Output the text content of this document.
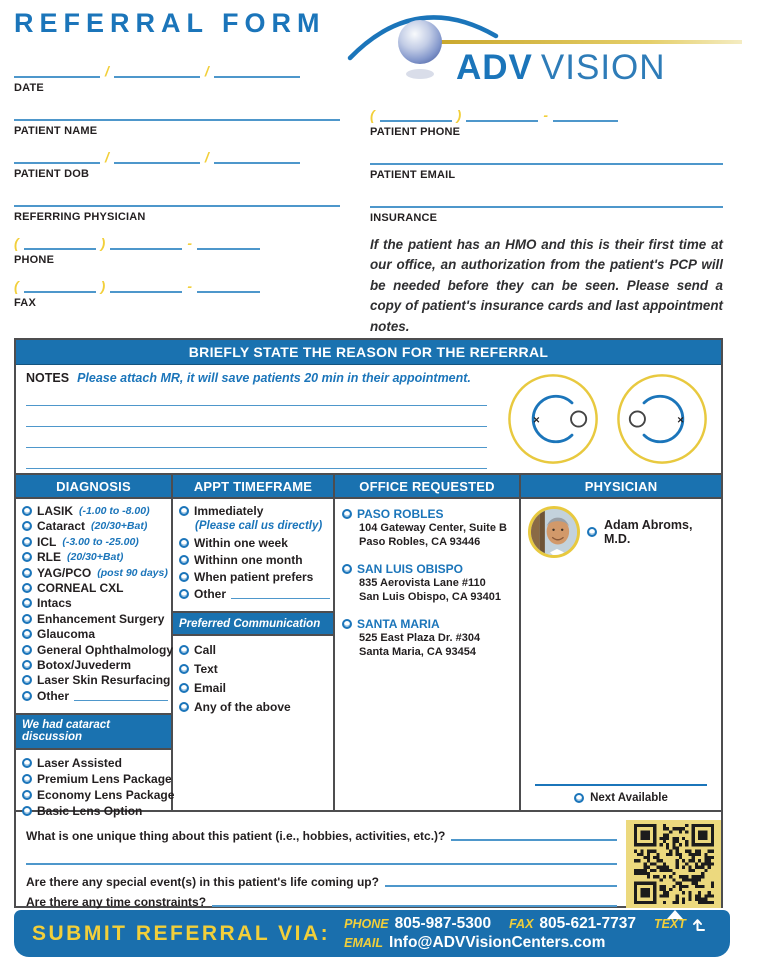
REFERRAL FORM
ADV VISION
/	/
DATE
PATIENT NAME
/	/
PATIENT DOB
REFERRING PHYSICIAN
(	)	-
PHONE
(	)	-
FAX
(	)	-
PATIENT PHONE
PATIENT EMAIL
INSURANCE
If the patient has an HMO and this is their first time at our office, an authorization from the patient's PCP will be needed before they can be seen. Please send a copy of patient's insurance cards and last appointment notes.
BRIEFLY STATE THE REASON FOR THE REFERRAL
NOTES Please attach MR, it will save patients 20 min in their appointment.
×	×
DIAGNOSIS
LASIK (-1.00 to -8.00)
Cataract (20/30+Bat)
ICL (-3.00 to -25.00)
RLE (20/30+Bat)
YAG/PCO (post 90 days)
CORNEAL CXL
Intacs
Enhancement Surgery
Glaucoma
General Ophthalmology
Botox/Juvederm
Laser Skin Resurfacing
Other
We had cataract discussion
Laser Assisted
Premium Lens Package
Economy Lens Package
Basic Lens Option
APPT TIMEFRAME
Immediately
(Please call us directly)
Within one week
Withinn one month
When patient prefers
Other
Preferred Communication
Call
Text
Email
Any of the above
OFFICE REQUESTED
PASO ROBLES
104 Gateway Center, Suite B
Paso Robles, CA 93446
SAN LUIS OBISPO
835 Aerovista Lane #110
San Luis Obispo, CA 93401
SANTA MARIA
525 East Plaza Dr. #304
Santa Maria, CA 93454
PHYSICIAN
Adam Abroms, M.D.
Next Available
What is one unique thing about this patient (i.e., hobbies, activities, etc.)?
Are there any special event(s) in this patient's life coming up?
Are there any time constraints?
SUBMIT REFERRAL VIA: PHONE 805-987-5300 FAX 805-621-7737 TEXT
EMAIL Info@ADVVisionCenters.com
